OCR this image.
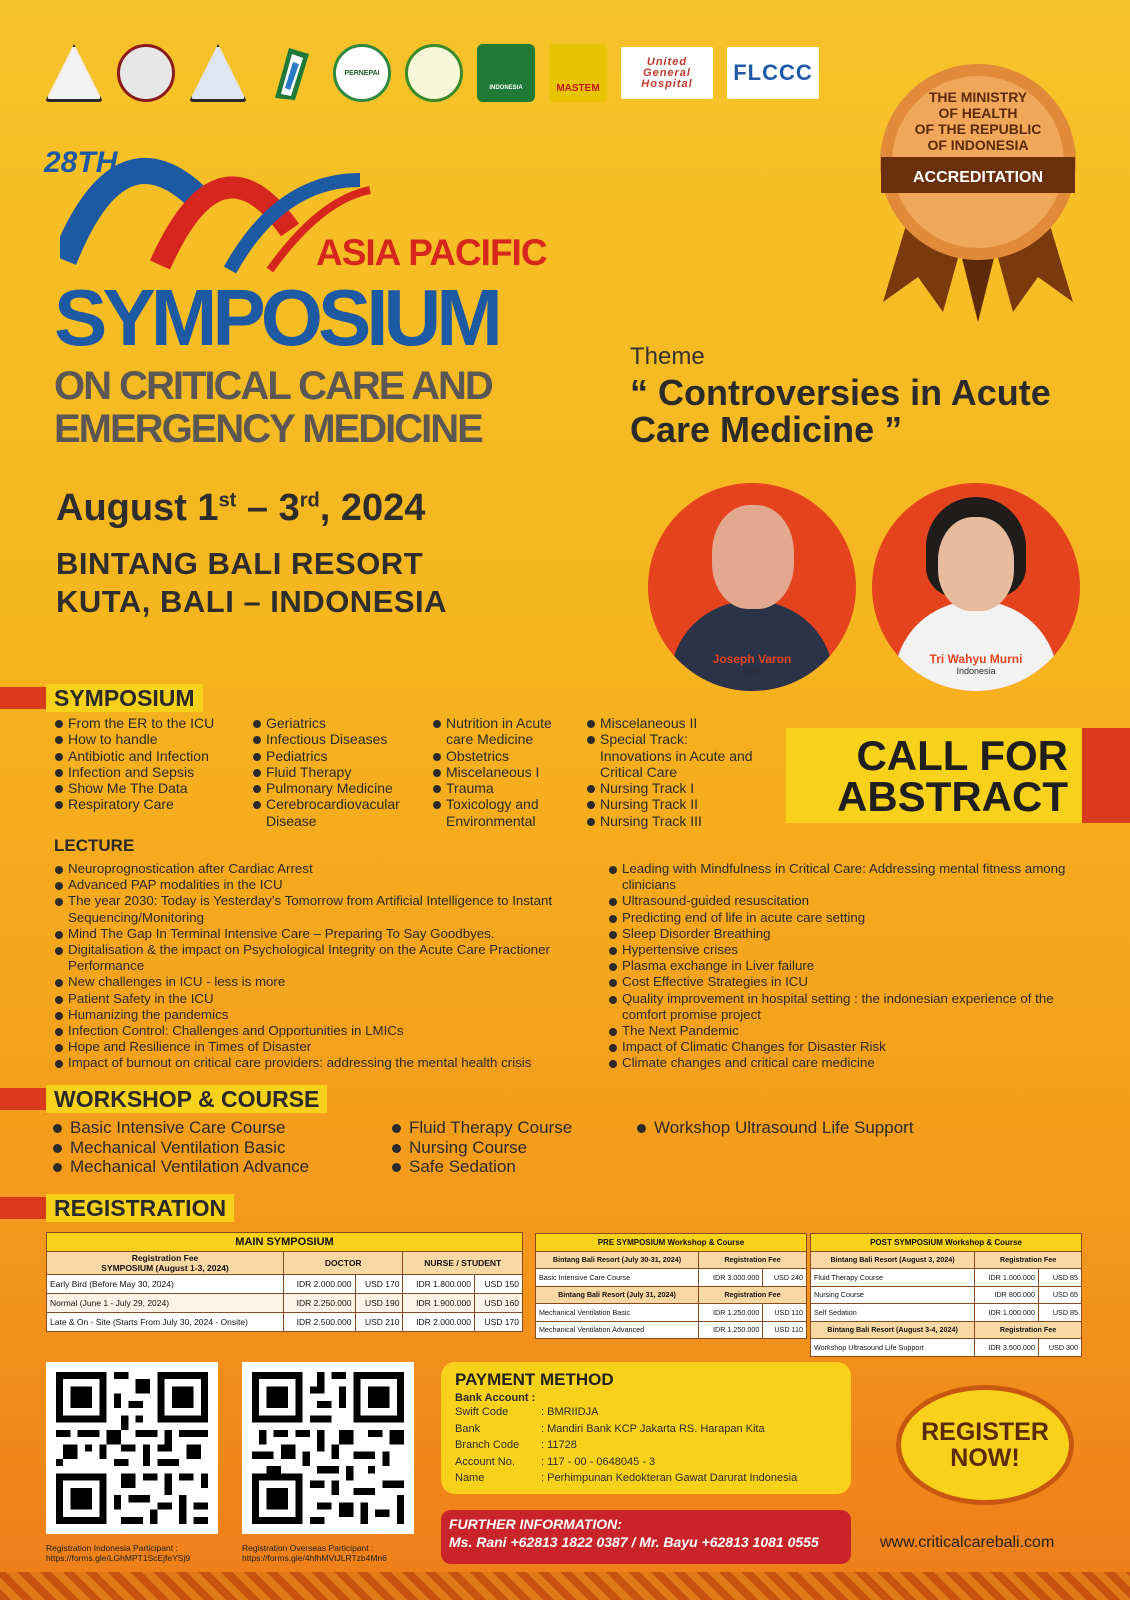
PERNEPAI
INDONESIA	MASTEM
United General Hospital	FLCCC
THE MINISTRY
OF HEALTH
OF THE REPUBLIC
OF INDONESIA
ACCREDITATION
28TH
ASIA PACIFIC
SYMPOSIUM
ON CRITICAL CARE AND
EMERGENCY MEDICINE
August 1st – 3rd, 2024
BINTANG BALI RESORT
KUTA, BALI – INDONESIA
Theme
“ Controversies in Acute Care Medicine ”
Joseph Varon
USA
Tri Wahyu Murni
Indonesia
SYMPOSIUM
From the ER to the ICU
How to handle
Antibiotic and Infection
Infection and Sepsis
Show Me The Data
Respiratory Care
Geriatrics
Infectious Diseases
Pediatrics
Fluid Therapy
Pulmonary Medicine
Cerebrocardiovacular Disease
Nutrition in Acute care Medicine
Obstetrics
Miscelaneous I
Trauma
Toxicology and Environmental
Miscelaneous II
Special Track: Innovations in Acute and Critical Care
Nursing Track I
Nursing Track II
Nursing Track III
CALL FOR
ABSTRACT
LECTURE
Neuroprognostication after Cardiac Arrest
Advanced PAP modalities in the ICU
The year 2030: Today is Yesterday’s Tomorrow from Artificial Intelligence to Instant Sequencing/Monitoring
Mind The Gap In Terminal Intensive Care – Preparing To Say Goodbyes.
Digitalisation & the impact on Psychological Integrity on the Acute Care Practioner Performance
New challenges in ICU - less is more
Patient Safety in the ICU
Humanizing the pandemics
Infection Control: Challenges and Opportunities in LMICs
Hope and Resilience in Times of Disaster
Impact of burnout on critical care providers: addressing the mental health crisis
Leading with Mindfulness in Critical Care: Addressing mental fitness among clinicians
Ultrasound-guided resuscitation
Predicting end of life in acute care setting
Sleep Disorder Breathing
Hypertensive crises
Plasma exchange in Liver failure
Cost Effective Strategies in ICU
Quality improvement in hospital setting : the indonesian experience of the comfort promise project
The Next Pandemic
Impact of Climatic Changes for Disaster Risk
Climate changes and critical care medicine
WORKSHOP & COURSE
Basic Intensive Care Course
Mechanical Ventilation Basic
Mechanical Ventilation Advance
Fluid Therapy Course
Nursing Course
Safe Sedation
Workshop Ultrasound Life Support
REGISTRATION
MAIN SYMPOSIUM				

Registration Fee
SYMPOSIUM (August 1-3, 2024)	DOCTOR		NURSE / STUDENT	
Early Bird (Before May 30, 2024)	IDR 2.000.000	USD 170	IDR 1.800.000	USD 150
Normal (June 1 - July 29, 2024)	IDR 2.250.000	USD 190	IDR 1.900.000	USD 160
Late & On - Site (Starts From July 30, 2024 - Onsite)	IDR 2.500.000	USD 210	IDR 2.000.000	USD 170
PRE SYMPOSIUM Workshop & Course		
Bintang Bali Resort (July 30-31, 2024)	Registration Fee	
Basic Intensive Care Course	IDR 3.000.000	USD 240
Bintang Bali Resort (July 31, 2024)	Registration Fee	
Mechanical Ventilation Basic	IDR 1.250.000	USD 110
Mechanical Ventilation Advanced	IDR 1.250.000	USD 110
POST SYMPOSIUM Workshop & Course		
Bintang Bali Resort (August 3, 2024)	Registration Fee	
Fluid Therapy Course	IDR 1.000.000	USD 85
Nursing Course	IDR 800.000	USD 65
Self Sedation	IDR 1.000.000	USD 85
Bintang Bali Resort (August 3-4, 2024)	Registration Fee	
Workshop Ultrasound Life Support	IDR 3.500.000	USD 300
Registration Indonesia Participant :
https://forms.gle/LGhMPT1ScEjfeYSj9
Registration Overseas Participant :
https://forms.gle/4hfhMVtJLRTzb4Mn6
PAYMENT METHOD
Bank Account :
Swift Code	: BMRIIDJA
Bank	: Mandiri Bank KCP Jakarta RS. Harapan Kita
Branch Code	: 11728
Account No.	: 117 - 00 - 0648045 - 3
Name	: Perhimpunan Kedokteran Gawat Darurat Indonesia
FURTHER INFORMATION:
Ms. Rani +62813 1822 0387 / Mr. Bayu +62813 1081 0555
REGISTER
NOW!
www.criticalcarebali.com
